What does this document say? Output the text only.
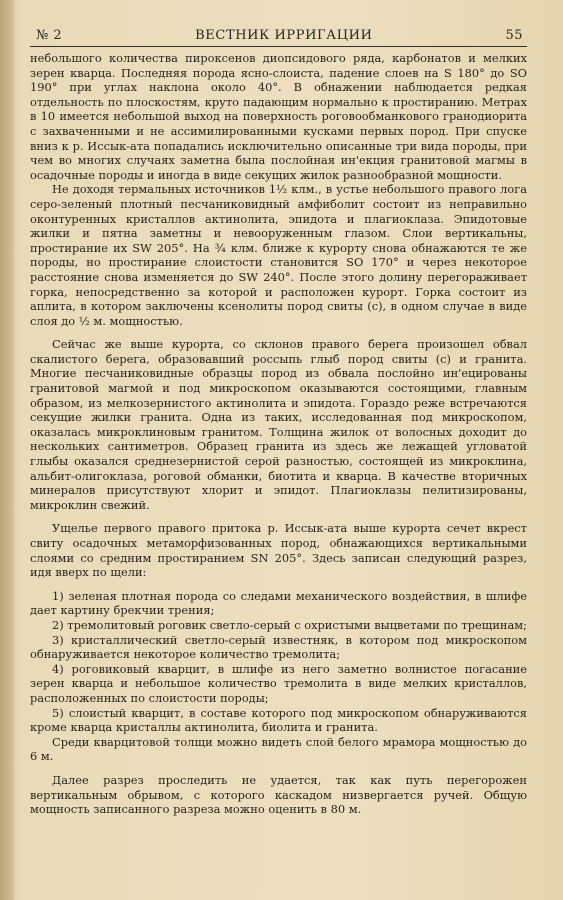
№ 2	ВЕСТНИК ИРРИГАЦИИ	55

небольшого количества пироксенов диопсидового ряда, карбонатов и мелких зерен кварца. Последняя порода ясно-слоиста, падение слоев на S 180° до SO 190° при углах наклона около 40°. В обнажении наблюдается редкая отдельность по плоскостям, круто падающим нормально к простиранию. Метрах в 10 имеется небольшой выход на поверхность роговообманкового гранодиорита с захваченными и не ассимилированными кусками первых пород. При спуске вниз к р. Иссык-ата попадались исключительно описанные три вида породы, при чем во многих случаях заметна была послойная ин'екция гранитовой магмы в осадочные породы и иногда в виде секущих жилок разнообразной мощности.

Не доходя термальных источников 1½ клм., в устье небольшого правого лога серо-зеленый плотный песчаниковидный амфиболит состоит из неправильно оконтуренных кристаллов актинолита, эпидота и плагиоклаза. Эпидотовые жилки и пятна заметны и невооруженным глазом. Слои вертикальны, простирание их SW 205°. На ¾ клм. ближе к курорту снова обнажаются те же породы, но простирание слоистости становится SO 170° и через некоторое расстояние снова изменяется до SW 240°. После этого долину перегораживает горка, непосредственно за которой и расположен курорт. Горка состоит из аплита, в котором заключены ксенолиты пород свиты (с), в одном случае в виде слоя до ½ м. мощностью.

Сейчас же выше курорта, со склонов правого берега произошел обвал скалистого берега, образовавший россыпь глыб пород свиты (с) и гранита. Многие песчаниковидные образцы пород из обвала послойно ин'ецированы гранитовой магмой и под микроскопом оказываются состоящими, главным образом, из мелкозернистого актинолита и эпидота. Гораздо реже встречаются секущие жилки гранита. Одна из таких, исследованная под микроскопом, оказалась микроклиновым гранитом. Толщина жилок от волосных доходит до нескольких сантиметров. Образец гранита из здесь же лежащей угловатой глыбы оказался среднезернистой серой разностью, состоящей из микроклина, альбит-олигоклаза, роговой обманки, биотита и кварца. В качестве вторичных минералов присутствуют хлорит и эпидот. Плагиоклазы пелитизированы, микроклин свежий.

Ущелье первого правого притока р. Иссык-ата выше курорта сечет вкрест свиту осадочных метаморфизованных пород, обнажающихся вертикальными слоями со средним простиранием SN 205°. Здесь записан следующий разрез, идя вверх по щели:

1) зеленая плотная порода со следами механического воздействия, в шлифе дает картину брекчии трения;

2) тремолитовый роговик светло-серый с охристыми выцветами по трещинам;

3) кристаллический светло-серый известняк, в котором под микроскопом обнаруживается некоторое количество тремолита;

4) роговиковый кварцит, в шлифе из него заметно волнистое погасание зерен кварца и небольшое количество тремолита в виде мелких кристаллов, расположенных по слоистости породы;

5) слоистый кварцит, в составе которого под микроскопом обнаруживаются кроме кварца кристаллы актинолита, биолита и гранита.

Среди кварцитовой толщи можно видеть слой белого мрамора мощностью до 6 м.

Далее разрез проследить не удается, так как путь перегорожен вертикальным обрывом, с которого каскадом низвергается ручей. Общую мощность записанного разреза можно оценить в 80 м.
